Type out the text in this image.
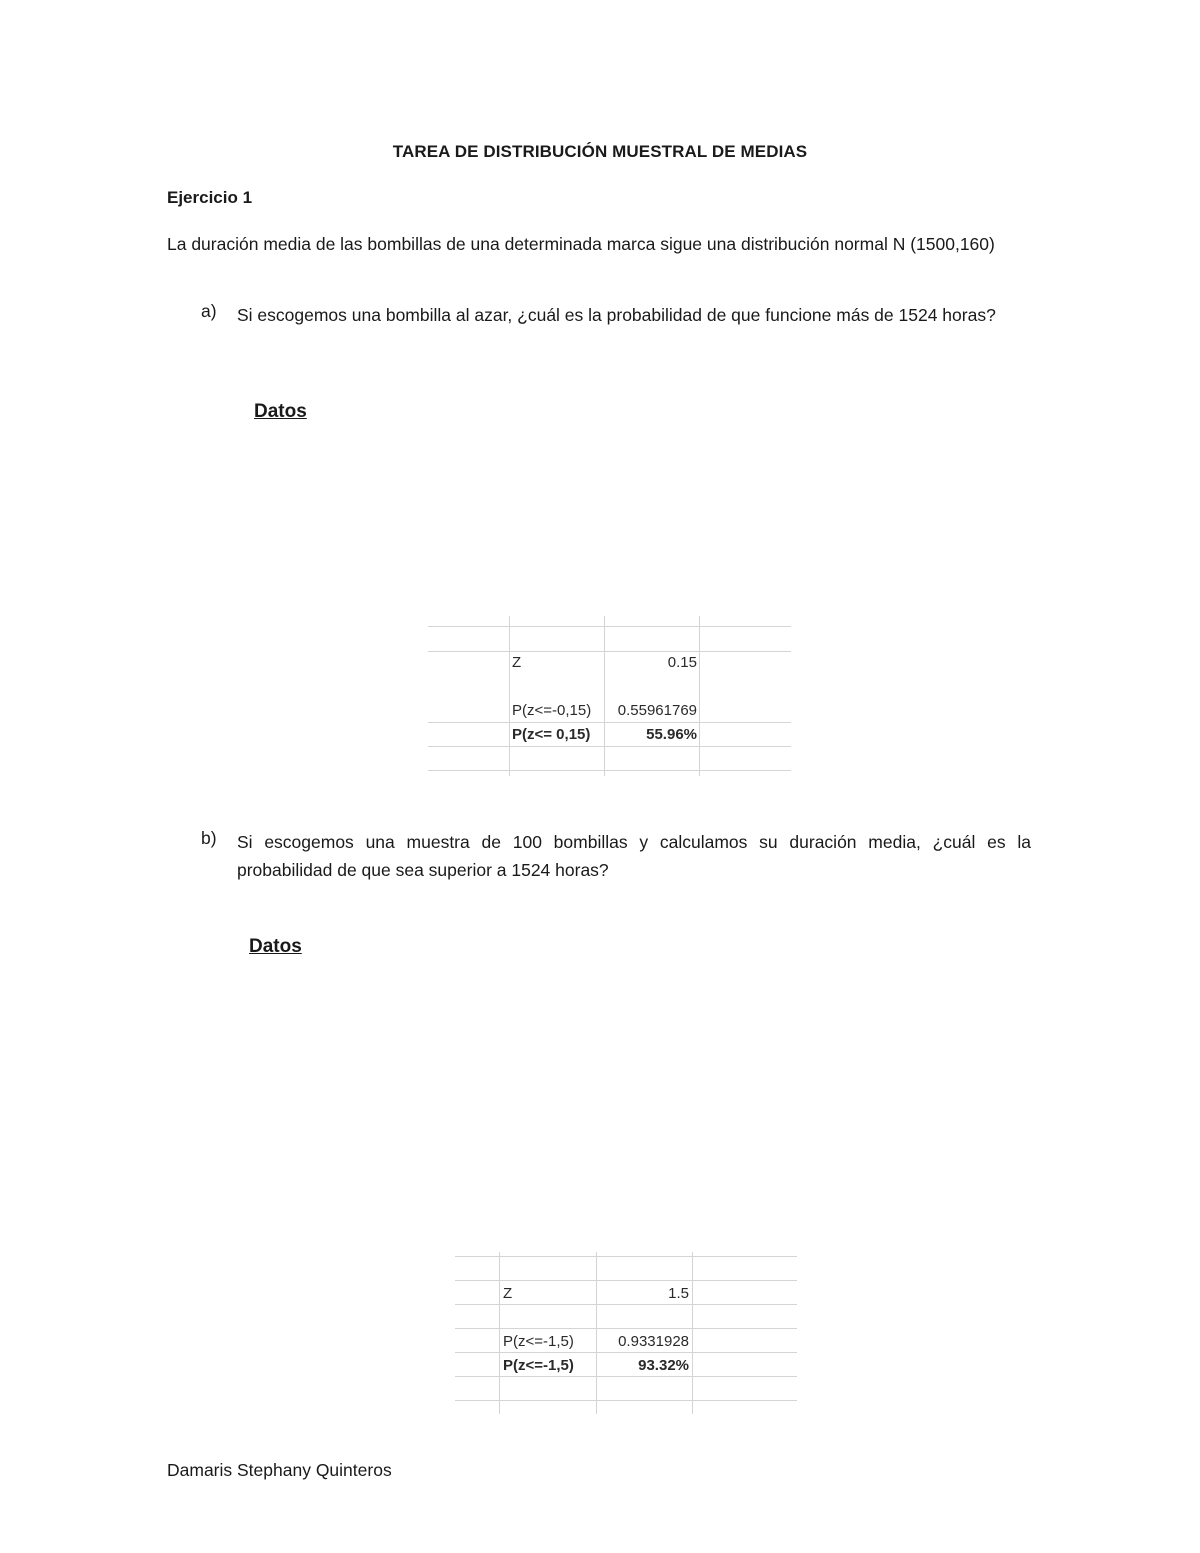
TAREA DE DISTRIBUCIÓN MUESTRAL DE MEDIAS
Ejercicio 1
La duración media de las bombillas de una determinada marca sigue una distribución normal N (1500,160)
a) Si escogemos una bombilla al azar, ¿cuál es la probabilidad de que funcione más de 1524 horas?
Datos
Z	0.15
P(z<=-0,15)	0.55961769
P(z<= 0,15)	55.96%
b) Si escogemos una muestra de 100 bombillas y calculamos su duración media, ¿cuál es la probabilidad de que sea superior a 1524 horas?
Datos
Z	1.5
P(z<=-1,5)	0.9331928
P(z<=-1,5)	93.32%
Damaris Stephany Quinteros
